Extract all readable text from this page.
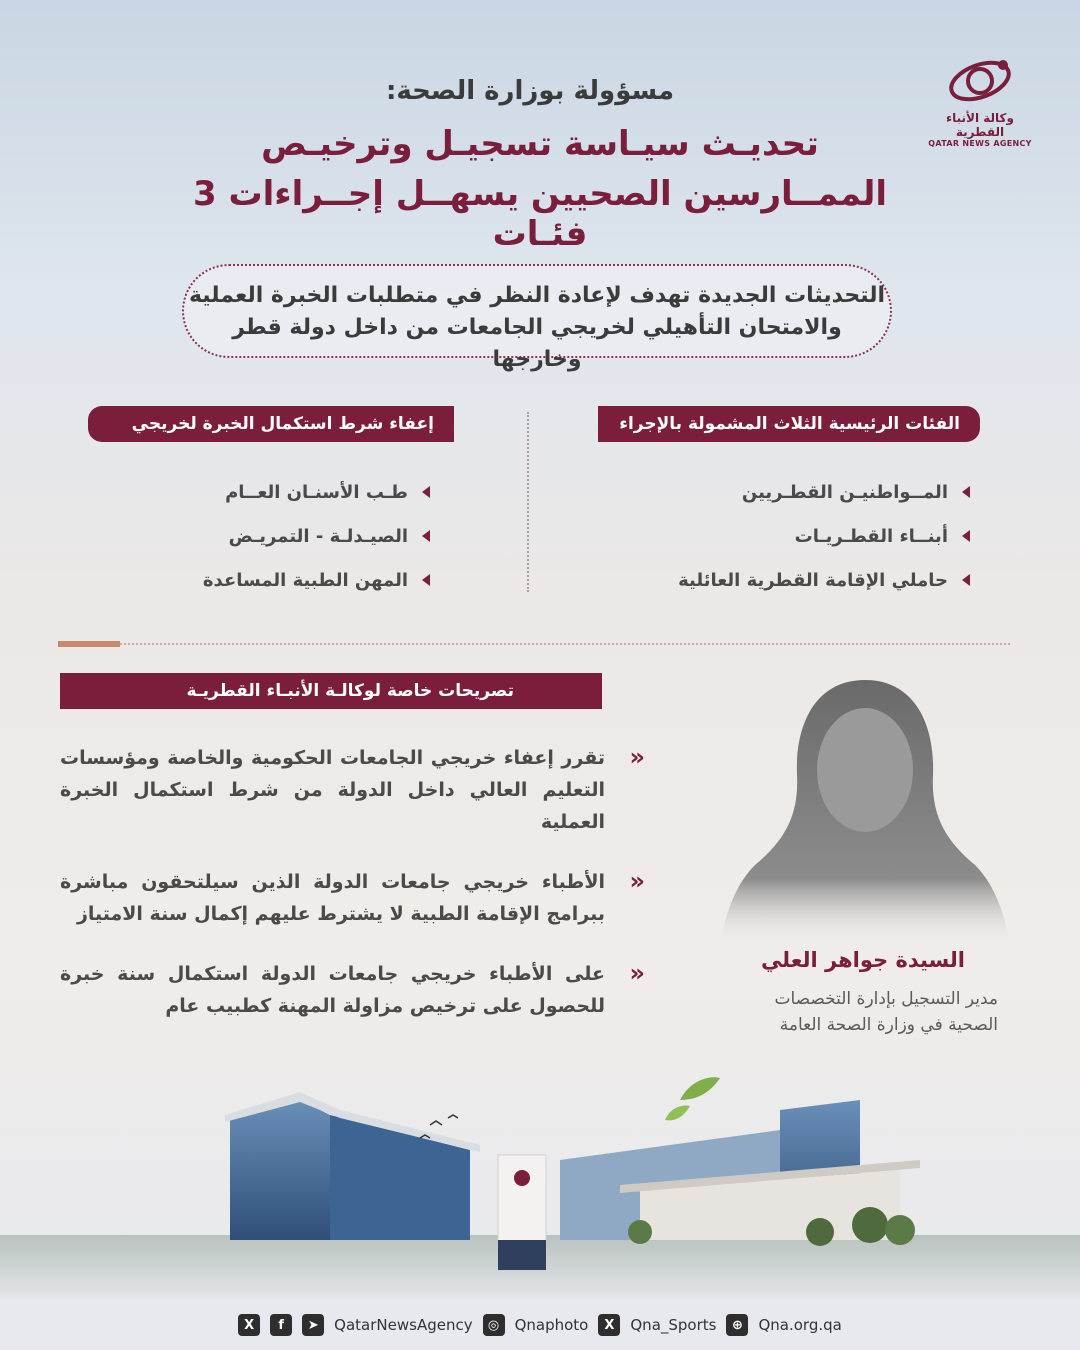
وكالة الأنباء القطرية
QATAR NEWS AGENCY
مسؤولة بوزارة الصحة:
تحديـث سيـاسة تسجيـل وترخيـص
الممــارسين الصحيين يسهــل إجــراءات 3 فئـات
التحديثات الجديدة تهدف لإعادة النظر في متطلبات الخبرة العملية
والامتحان التأهيلي لخريجي الجامعات من داخل دولة قطر وخارجها
الفئات الرئيسية الثلاث المشمولة بالإجراء
إعفاء شرط استكمال الخبرة لخريجي
المــواطنيـن القطـريين
أبنــاء القطـريـات
حاملي الإقامة القطرية العائلية
طـب الأسنـان العــام
الصيـدلـة - التمريـض
المهن الطبية المساعدة
تصريحات خاصة لوكالـة الأنبـاء القطريـة
«
تقرر إعفاء خريجي الجامعات الحكومية والخاصة ومؤسسات التعليم العالي داخل الدولة من شرط استكمال الخبرة العملية
«
الأطباء خريجي جامعات الدولة الذين سيلتحقون مباشرة ببرامج الإقامة الطبية لا يشترط عليهم إكمال سنة الامتياز
«
على الأطباء خريجي جامعات الدولة استكمال سنة خبرة للحصول على ترخيص مزاولة المهنة كطبيب عام
السيدة جواهر العلي
مدير التسجيل بإدارة التخصصات
الصحية في وزارة الصحة العامة
X	f	➤	QatarNewsAgency	◎	Qnaphoto	X	Qna_Sports	⊕	Qna.org.qa
